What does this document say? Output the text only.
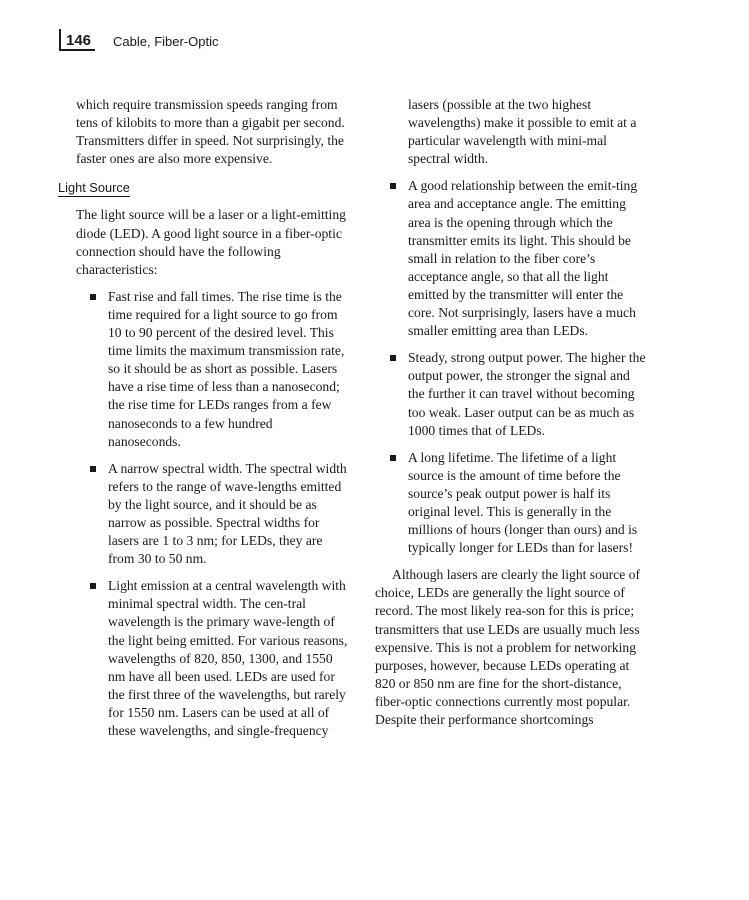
146 Cable, Fiber-Optic

which require transmission speeds ranging from tens of kilobits to more than a gigabit per second. Transmitters differ in speed. Not surprisingly, the faster ones are also more expensive.

Light Source

The light source will be a laser or a light-emitting diode (LED). A good light source in a fiber-optic connection should have the following characteristics:

Fast rise and fall times. The rise time is the time required for a light source to go from 10 to 90 percent of the desired level. This time limits the maximum transmission rate, so it should be as short as possible. Lasers have a rise time of less than a nanosecond; the rise time for LEDs ranges from a few nanoseconds to a few hundred nanoseconds.
A narrow spectral width. The spectral width refers to the range of wave-lengths emitted by the light source, and it should be as narrow as possible. Spectral widths for lasers are 1 to 3 nm; for LEDs, they are from 30 to 50 nm.
Light emission at a central wavelength with minimal spectral width. The cen-tral wavelength is the primary wave-length of the light being emitted. For various reasons, wavelengths of 820, 850, 1300, and 1550 nm have all been used. LEDs are used for the first three of the wavelengths, but rarely for 1550 nm. Lasers can be used at all of these wavelengths, and single-frequency

lasers (possible at the two highest wavelengths) make it possible to emit at a particular wavelength with mini-mal spectral width.

A good relationship between the emit-ting area and acceptance angle. The emitting area is the opening through which the transmitter emits its light. This should be small in relation to the fiber core’s acceptance angle, so that all the light emitted by the transmitter will enter the core. Not surprisingly, lasers have a much smaller emitting area than LEDs.
Steady, strong output power. The higher the output power, the stronger the signal and the further it can travel without becoming too weak. Laser output can be as much as 1000 times that of LEDs.
A long lifetime. The lifetime of a light source is the amount of time before the source’s peak output power is half its original level. This is generally in the millions of hours (longer than ours) and is typically longer for LEDs than for lasers!

Although lasers are clearly the light source of choice, LEDs are generally the light source of record. The most likely rea-son for this is price; transmitters that use LEDs are usually much less expensive. This is not a problem for networking purposes, however, because LEDs operating at 820 or 850 nm are fine for the short-distance, fiber-optic connections currently most popular. Despite their performance shortcomings
